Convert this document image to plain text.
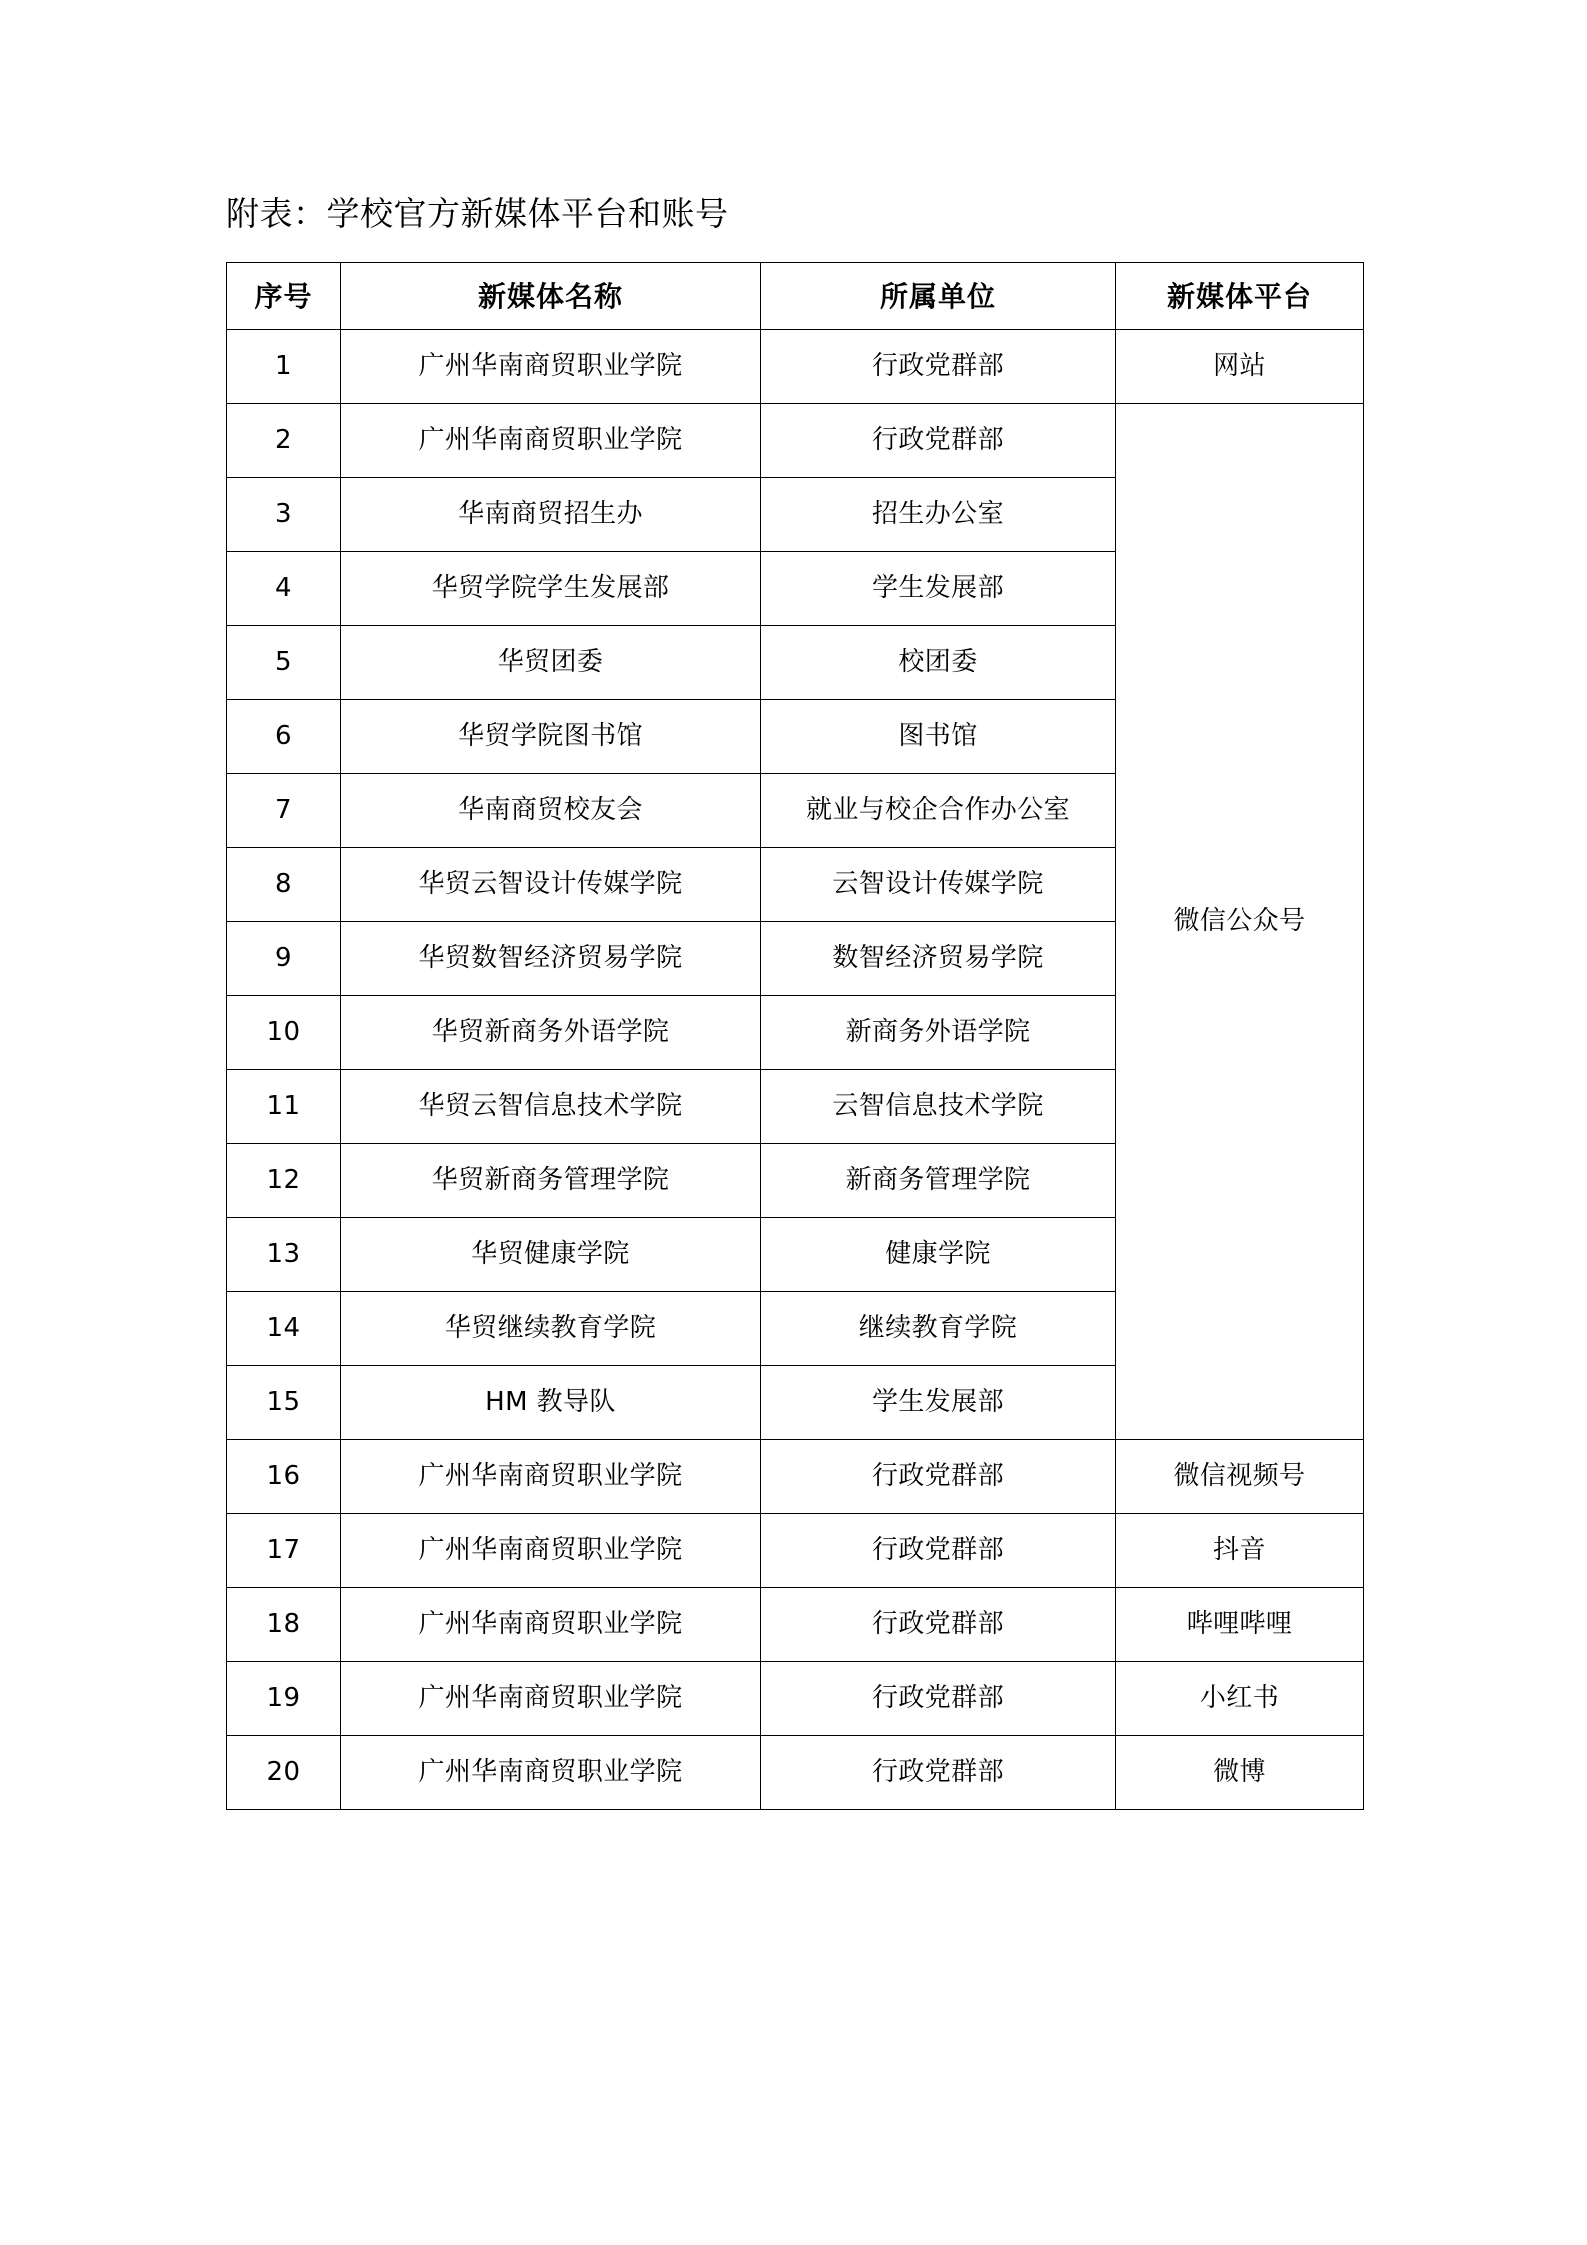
附表：学校官方新媒体平台和账号
序号	新媒体名称	所属单位	新媒体平台
1	广州华南商贸职业学院	行政党群部	网站
2	广州华南商贸职业学院	行政党群部	微信公众号
3	华南商贸招生办	招生办公室	
4	华贸学院学生发展部	学生发展部	
5	华贸团委	校团委	
6	华贸学院图书馆	图书馆	
7	华南商贸校友会	就业与校企合作办公室	
8	华贸云智设计传媒学院	云智设计传媒学院	
9	华贸数智经济贸易学院	数智经济贸易学院	
10	华贸新商务外语学院	新商务外语学院	
11	华贸云智信息技术学院	云智信息技术学院	
12	华贸新商务管理学院	新商务管理学院	
13	华贸健康学院	健康学院	
14	华贸继续教育学院	继续教育学院	
15	HM 教导队	学生发展部	
16	广州华南商贸职业学院	行政党群部	微信视频号
17	广州华南商贸职业学院	行政党群部	抖音
18	广州华南商贸职业学院	行政党群部	哔哩哔哩
19	广州华南商贸职业学院	行政党群部	小红书
20	广州华南商贸职业学院	行政党群部	微博
